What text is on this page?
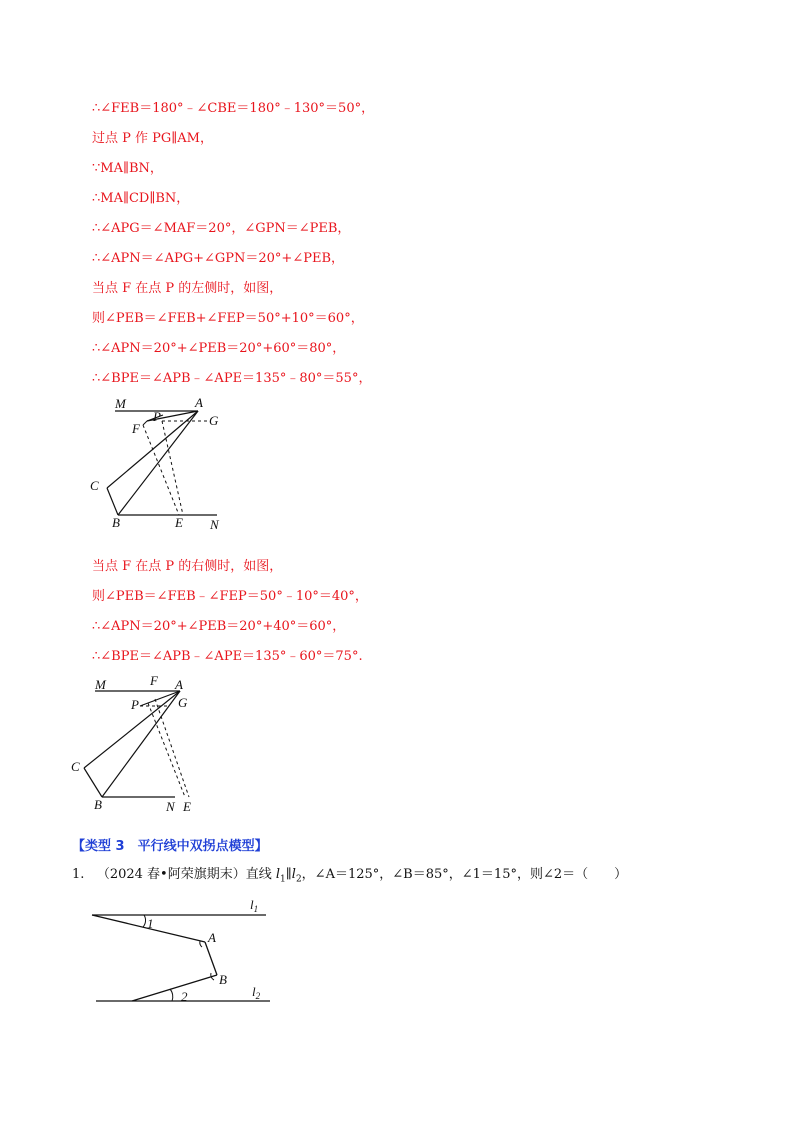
∴∠FEB＝180°﹣∠CBE＝180°﹣130°＝50°，
过点 P 作 PG∥AM，
∵MA∥BN，
∴MA∥CD∥BN，
∴∠APG＝∠MAF＝20°，∠GPN＝∠PEB，
∴∠APN＝∠APG+∠GPN＝20°+∠PEB，
当点 F 在点 P 的左侧时，如图，
则∠PEB＝∠FEB+∠FEP＝50°+10°＝60°，
∴∠APN＝20°+∠PEB＝20°+60°＝80°，
∴∠BPE＝∠APB﹣∠APE＝135°﹣80°＝55°，
M	A
P	G
F
C
B	E N
当点 F 在点 P 的右侧时，如图，
则∠PEB＝∠FEB﹣∠FEP＝50°﹣10°＝40°，
∴∠APN＝20°+∠PEB＝20°+40°＝60°，
∴∠BPE＝∠APB﹣∠APE＝135°﹣60°＝75°.
M	F A
P	G
C
B	N E
【类型 3　平行线中双拐点模型】
1. （2024 春•阿荣旗期末）直线 $l_1\parallel l_2$，∠A＝125°，∠B＝85°，∠1＝15°，则∠2＝（　　）
1
A
B
2
$l_1$
$l_2$
